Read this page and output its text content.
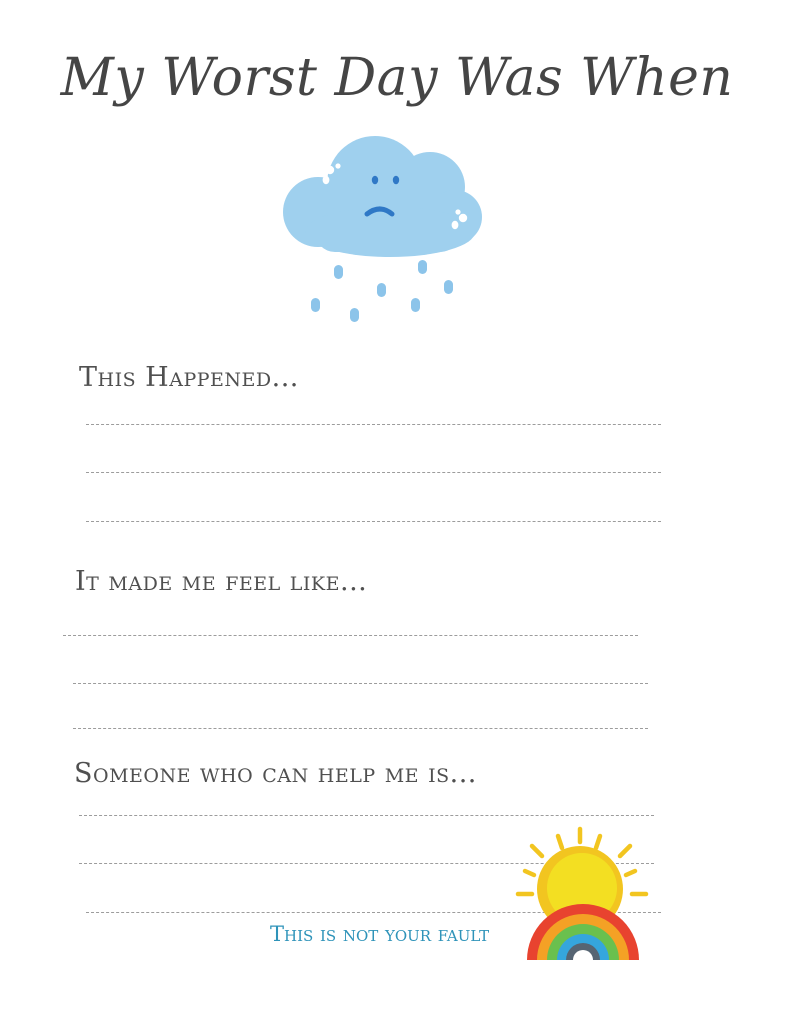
My Worst Day Was When
This Happened...
It made me feel like...
Someone who can help me is...
This is not your fault
